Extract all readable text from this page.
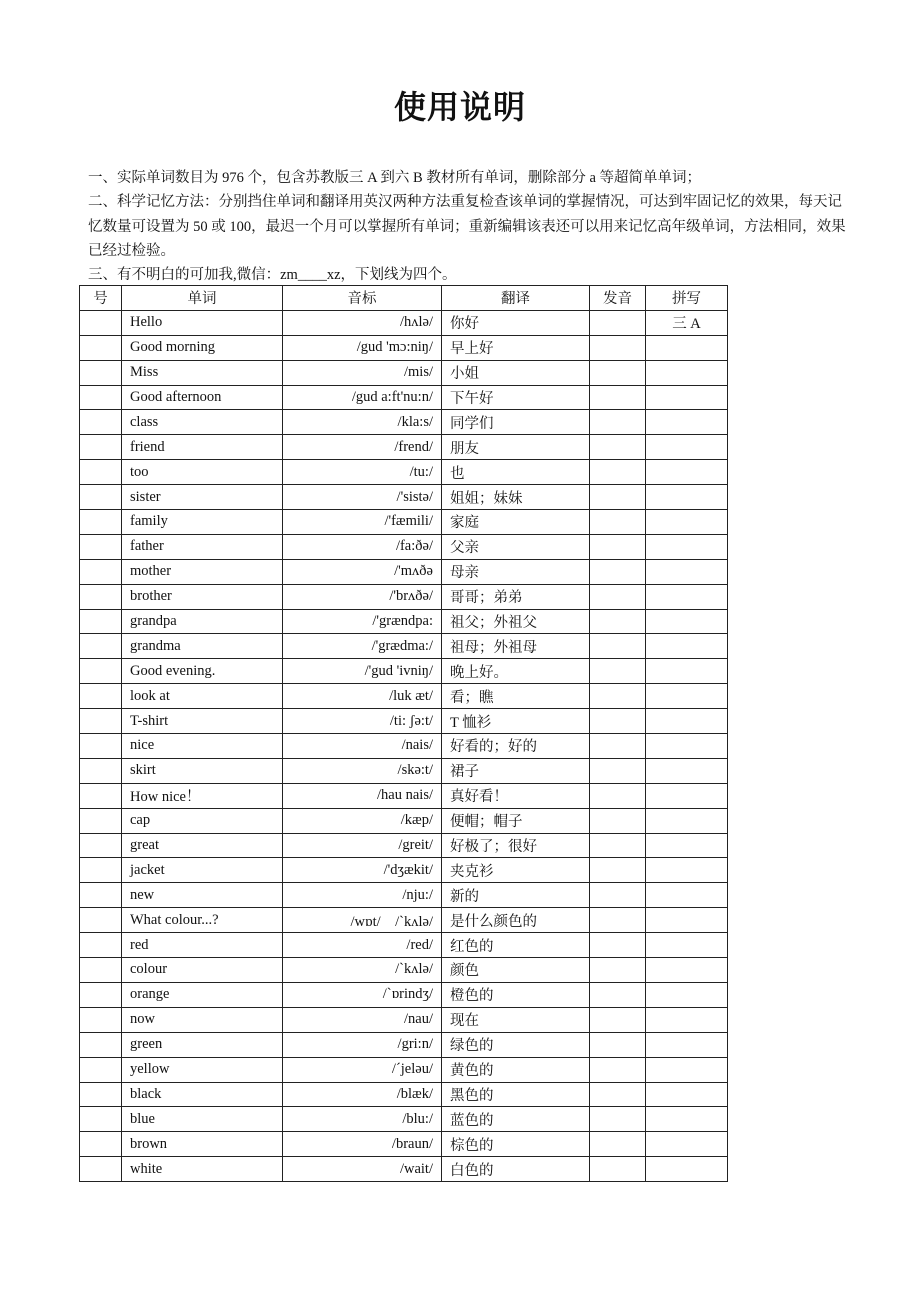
使用说明

一、实际单词数目为 976 个，包含苏教版三 A 到六 B 教材所有单词，删除部分 a 等超简单单词；

二、科学记忆方法：分别挡住单词和翻译用英汉两种方法重复检查该单词的掌握情况，可达到牢固记忆的效果，每天记忆数量可设置为 50 或 100，最迟一个月可以掌握所有单词；重新编辑该表还可以用来记忆高年级单词，方法相同，效果已经过检验。

三、有不明白的可加我,微信：zm____xz，下划线为四个。

号	单词	音标	翻译	发音	拼写
	Hello	/hʌlə/	你好		三 A
	Good morning	/gud 'mɔ:niŋ/	早上好		
	Miss	/mis/	小姐		
	Good afternoon	/gud a:ft'nu:n/	下午好		
	class	/kla:s/	同学们		
	friend	/frend/	朋友		
	too	/tu:/	也		
	sister	/'sistə/	姐姐；妹妹		
	family	/'fæmili/	家庭		
	father	/fa:ðə/	父亲		
	mother	/'mʌðə	母亲		
	brother	/'brʌðə/	哥哥；弟弟		
	grandpa	/'grændpa:	祖父；外祖父		
	grandma	/'grædma:/	祖母；外祖母		
	Good evening.	/'gud 'ivniŋ/	晚上好。		
	look at	/luk æt/	看；瞧		
	T-shirt	/ti: ʃə:t/	T 恤衫		
	nice	/nais/	好看的；好的		
	skirt	/skə:t/	裙子		
	How nice！	/hau nais/	真好看！		
	cap	/kæp/	便帽；帽子		
	great	/greit/	好极了；很好		
	jacket	/'dʒækit/	夹克衫		
	new	/nju:/	新的		
	What colour...?	/wɒt/　/ˋkʌlə/	是什么颜色的		
	red	/red/	红色的		
	colour	/ˋkʌlə/	颜色		
	orange	/ˋɒrindʒ/	橙色的		
	now	/nau/	现在		
	green	/gri:n/	绿色的		
	yellow	/ˊjeləu/	黄色的		
	black	/blæk/	黑色的		
	blue	/blu:/	蓝色的		
	brown	/braun/	棕色的		
	white	/wait/	白色的		
